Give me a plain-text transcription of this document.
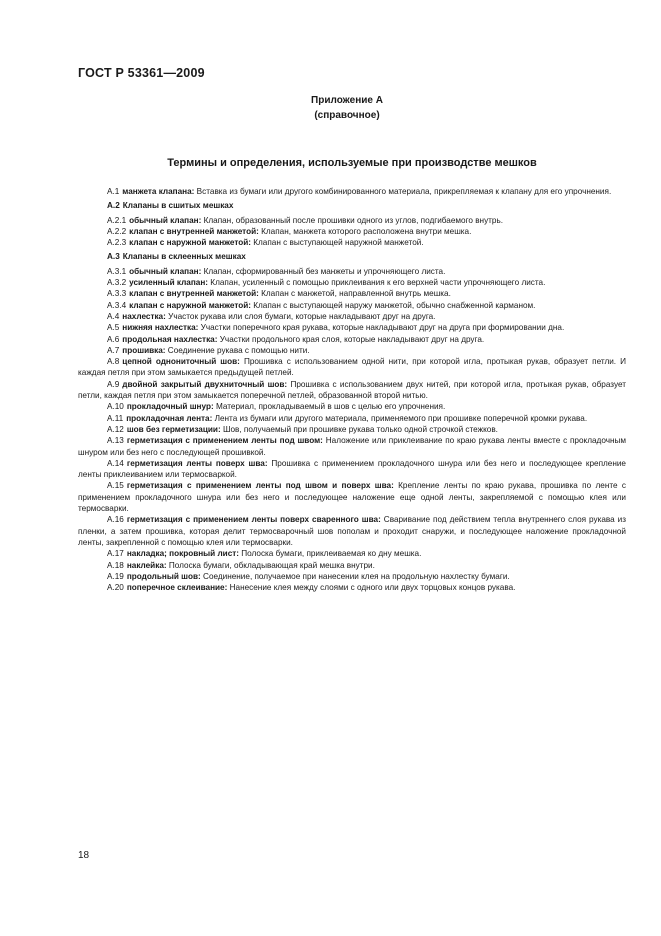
ГОСТ Р 53361—2009
Приложение А
(справочное)
Термины и определения, используемые при производстве мешков

А.1 манжета клапана: Вставка из бумаги или другого комбинированного материала, прикрепляемая к клапану для его упрочнения.

А.2 Клапаны в сшитых мешках

А.2.1 обычный клапан: Клапан, образованный после прошивки одного из углов, подгибаемого внутрь.

А.2.2 клапан с внутренней манжетой: Клапан, манжета которого расположена внутри мешка.

А.2.3 клапан с наружной манжетой: Клапан с выступающей наружной манжетой.

А.3 Клапаны в склеенных мешках

А.3.1 обычный клапан: Клапан, сформированный без манжеты и упрочняющего листа.

А.3.2 усиленный клапан: Клапан, усиленный с помощью приклеивания к его верхней части упрочняющего листа.

А.3.3 клапан с внутренней манжетой: Клапан с манжетой, направленной внутрь мешка.

А.3.4 клапан с наружной манжетой: Клапан с выступающей наружу манжетой, обычно снабженной карманом.

А.4 нахлестка: Участок рукава или слоя бумаги, которые накладывают друг на друга.

А.5 нижняя нахлестка: Участки поперечного края рукава, которые накладывают друг на друга при формировании дна.

А.6 продольная нахлестка: Участки продольного края слоя, которые накладывают друг на друга.

А.7 прошивка: Соединение рукава с помощью нити.

А.8 цепной однониточный шов: Прошивка с использованием одной нити, при которой игла, протыкая рукав, образует петли. И каждая петля при этом замыкается предыдущей петлей.

А.9 двойной закрытый двухниточный шов: Прошивка с использованием двух нитей, при которой игла, протыкая рукав, образует петли, каждая петля при этом замыкается поперечной петлей, образованной второй нитью.

А.10 прокладочный шнур: Материал, прокладываемый в шов с целью его упрочнения.

А.11 прокладочная лента: Лента из бумаги или другого материала, применяемого при прошивке поперечной кромки рукава.

А.12 шов без герметизации: Шов, получаемый при прошивке рукава только одной строчкой стежков.

А.13 герметизация с применением ленты под швом: Наложение или приклеивание по краю рукава ленты вместе с прокладочным шнуром или без него с последующей прошивкой.

А.14 герметизация ленты поверх шва: Прошивка с применением прокладочного шнура или без него и последующее крепление ленты приклеиванием или термосваркой.

А.15 герметизация с применением ленты под швом и поверх шва: Крепление ленты по краю рукава, прошивка по ленте с применением прокладочного шнура или без него и последующее наложение еще одной ленты, закрепляемой с помощью клея или термосварки.

А.16 герметизация с применением ленты поверх сваренного шва: Сваривание под действием тепла внутреннего слоя рукава из пленки, а затем прошивка, которая делит термосварочный шов пополам и проходит снаружи, и последующее наложение прокладочной ленты, закрепленной с помощью клея или термосварки.

А.17 накладка; покровный лист: Полоска бумаги, приклеиваемая ко дну мешка.

А.18 наклейка: Полоска бумаги, обкладывающая край мешка внутри.

А.19 продольный шов: Соединение, получаемое при нанесении клея на продольную нахлестку бумаги.

А.20 поперечное склеивание: Нанесение клея между слоями с одного или двух торцовых концов рукава.

18
